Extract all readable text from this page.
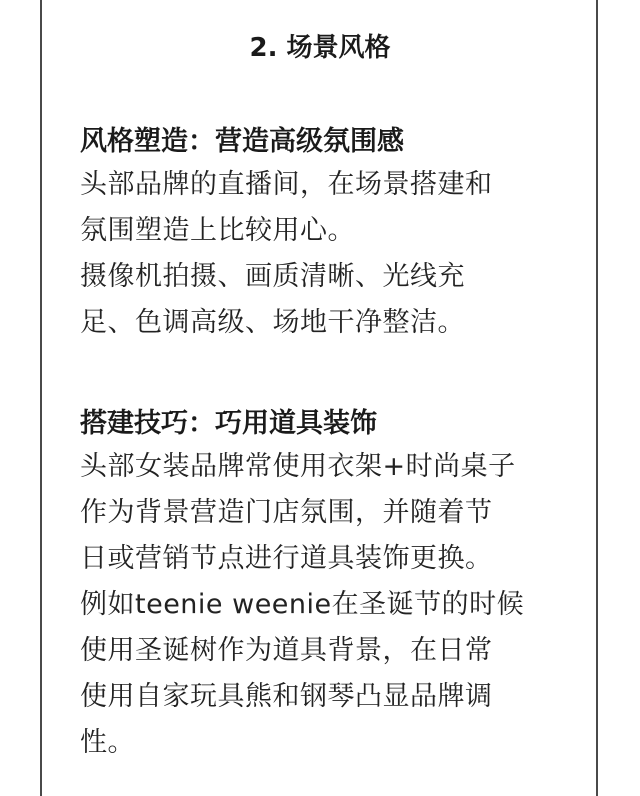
2. 场景风格

风格塑造：营造高级氛围感

头部品牌的直播间，在场景搭建和

氛围塑造上比较用心。

摄像机拍摄、画质清晰、光线充

足、色调高级、场地干净整洁。

搭建技巧：巧用道具装饰

头部女装品牌常使用衣架+时尚桌子

作为背景营造门店氛围，并随着节

日或营销节点进行道具装饰更换。

例如teenie weenie在圣诞节的时候

使用圣诞树作为道具背景，在日常

使用自家玩具熊和钢琴凸显品牌调

性。
